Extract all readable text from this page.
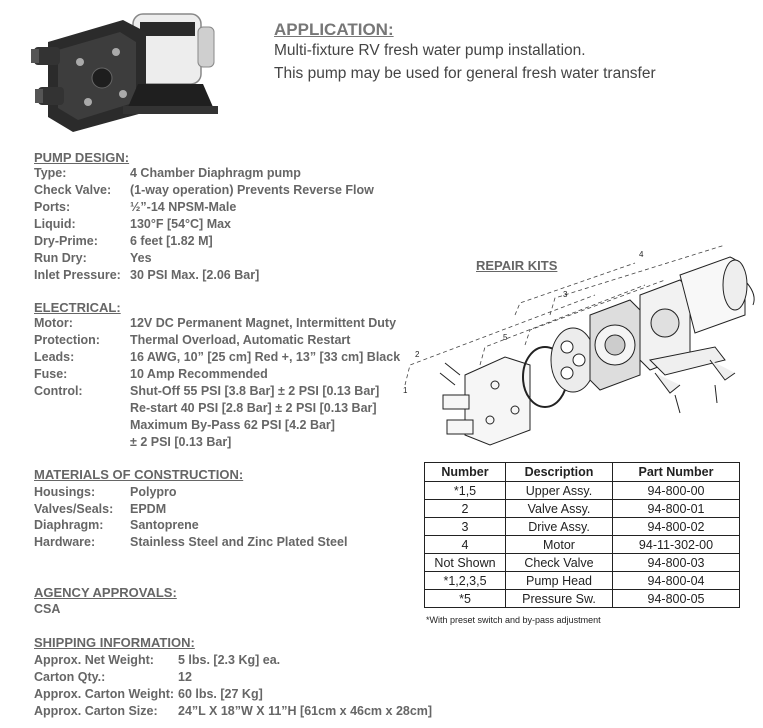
APPLICATION:
Multi-fixture RV fresh water pump installation.
This pump may be used for general fresh water transfer
PUMP DESIGN:
Type:	4 Chamber Diaphragm pump
Check Valve: (1-way operation) Prevents Reverse Flow
Ports:	½”-14 NPSM-Male
Liquid:	130°F [54°C] Max
Dry-Prime:	6 feet [1.82 M]
Run Dry:	Yes
Inlet Pressure: 30 PSI Max. [2.06 Bar]
ELECTRICAL:
Motor:	12V DC Permanent Magnet, Intermittent Duty
Protection: Thermal Overload, Automatic Restart
Leads:	16 AWG, 10” [25 cm] Red +, 13” [33 cm] Black
Fuse:	10 Amp Recommended
Control:	Shut-Off 55 PSI [3.8 Bar] ± 2 PSI [0.13 Bar]
Re-start 40 PSI [2.8 Bar] ± 2 PSI [0.13 Bar]
Maximum By-Pass 62 PSI [4.2 Bar]
± 2 PSI [0.13 Bar]
MATERIALS OF CONSTRUCTION:
Housings:	Polypro
Valves/Seals: EPDM
Diaphragm: Santoprene
Hardware:	Stainless Steel and Zinc Plated Steel
AGENCY APPROVALS:
CSA
SHIPPING INFORMATION:
Approx. Net Weight: 5 lbs. [2.3 Kg] ea.
Carton Qty.:	12
Approx. Carton Weight: 60 lbs. [27 Kg]
Approx. Carton Size: 24”L X 18”W X 11”H [61cm x 46cm x 28cm]
REPAIR KITS
1
2
3
4
5
Number	Description	Part Number
*1,5	Upper Assy.	94-800-00
2	Valve Assy.	94-800-01
3	Drive Assy.	94-800-02
4	Motor	94-11-302-00
Not Shown	Check Valve	94-800-03
*1,2,3,5	Pump Head	94-800-04
*5	Pressure Sw.	94-800-05
*With preset switch and by-pass adjustment
